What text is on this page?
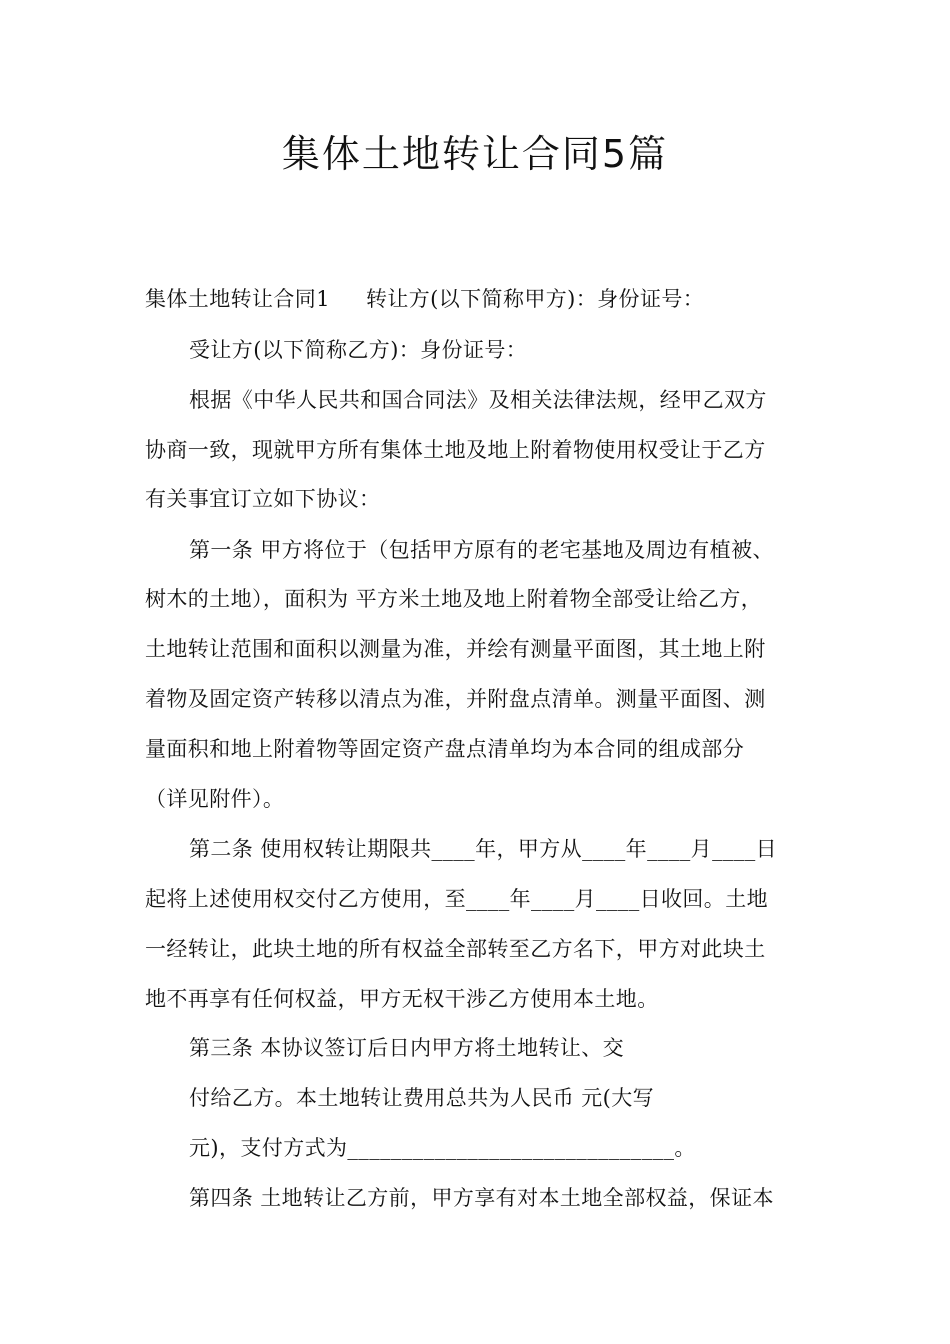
集体土地转让合同5篇
集体土地转让合同1 转让方(以下简称甲方)：身份证号：
受让方(以下简称乙方)：身份证号：
根据《中华人民共和国合同法》及相关法律法规，经甲乙双方
协商一致，现就甲方所有集体土地及地上附着物使用权受让于乙方
有关事宜订立如下协议：
第一条 甲方将位于（包括甲方原有的老宅基地及周边有植被、
树木的土地），面积为 平方米土地及地上附着物全部受让给乙方，
土地转让范围和面积以测量为准，并绘有测量平面图，其土地上附
着物及固定资产转移以清点为准，并附盘点清单。测量平面图、测
量面积和地上附着物等固定资产盘点清单均为本合同的组成部分
（详见附件）。
第二条 使用权转让期限共____年，甲方从____年____月____日
起将上述使用权交付乙方使用，至____年____月____日收回。土地
一经转让，此块土地的所有权益全部转至乙方名下，甲方对此块土
地不再享有任何权益，甲方无权干涉乙方使用本土地。
第三条 本协议签订后日内甲方将土地转让、交
付给乙方。本土地转让费用总共为人民币 元(大写
元)，支付方式为______________________________。
第四条 土地转让乙方前，甲方享有对本土地全部权益，保证本
